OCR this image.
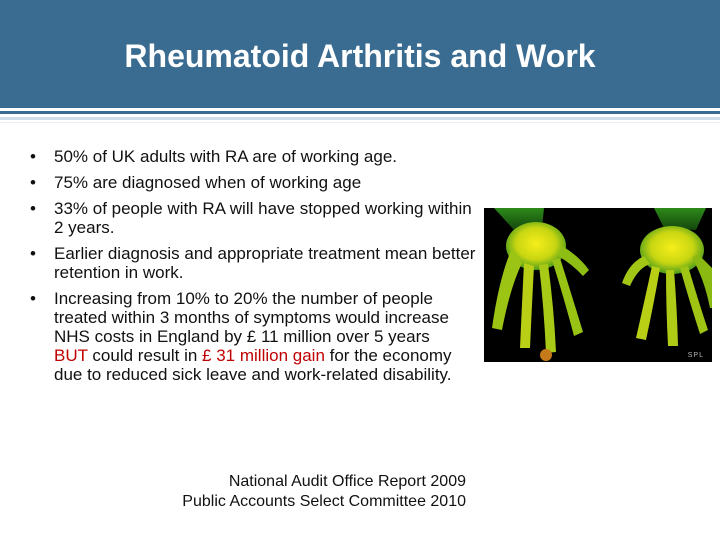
Rheumatoid Arthritis and Work
• 50% of UK adults with RA are of working age.
• 75% are diagnosed when of working age
• 33% of people with RA will have stopped working within 2 years.
• Earlier diagnosis and appropriate treatment mean better retention in work.
• Increasing from 10% to 20% the number of people treated within 3 months of symptoms would increase NHS costs in England by £ 11 million over 5 years
BUT could result in £ 31 million gain for the economy due to reduced sick leave and work-related disability.
National Audit Office Report 2009
Public Accounts Select Committee 2010
SPL
